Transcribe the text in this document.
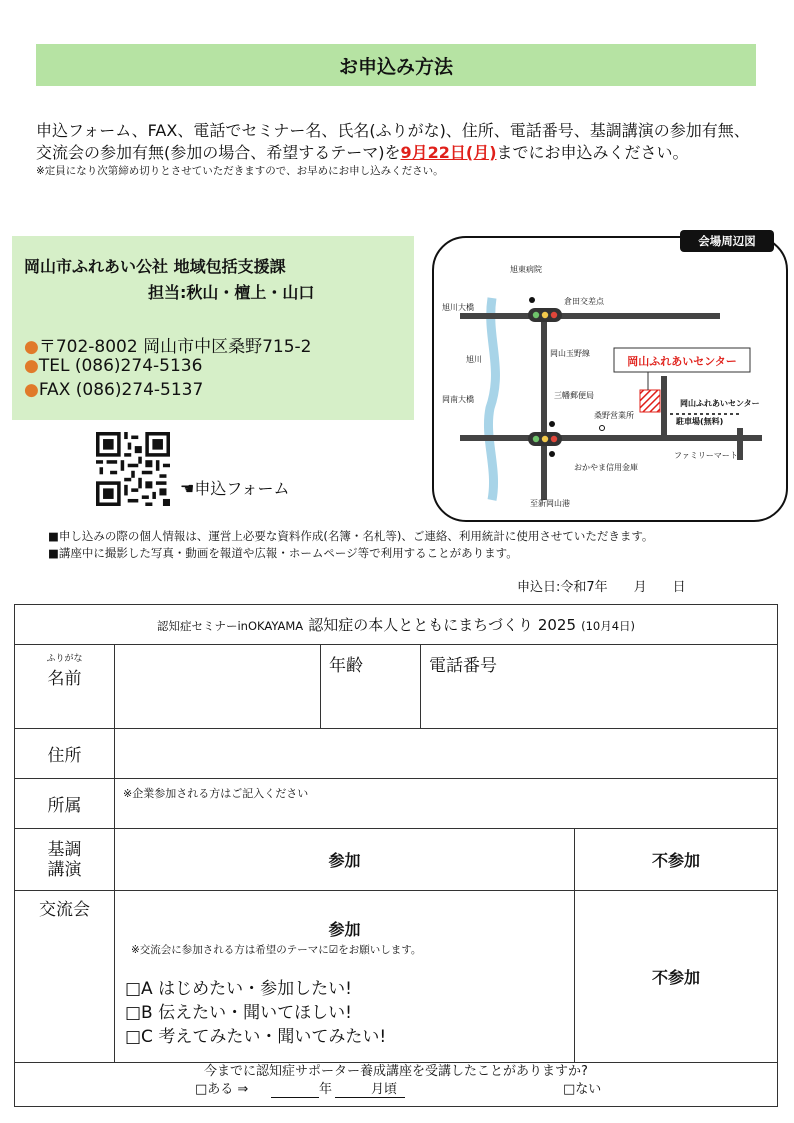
お申込み方法
申込フォーム、FAX、電話でセミナー名、氏名(ふりがな)、住所、電話番号、基調講演の参加有無、交流会の参加有無(参加の場合、希望するテーマ)を9月22日(月)までにお申込みください。
※定員になり次第締め切りとさせていただきますので、お早めにお申し込みください。
岡山市ふれあい公社 地域包括支援課
担当:秋山・檀上・山口
●〒702-8002 岡山市中区桑野715-2
●TEL (086)274-5136
●FAX (086)274-5137
☚申込フォーム
岡山ふれあいセンター
旭東病院
倉田交差点
旭川大橋
旭川
岡山玉野線
岡南大橋	三幡郵便局
桑野営業所
岡山ふれあいセンター
駐車場(無料)
おかやま信用金庫
ファミリーマート
至新岡山港
会場周辺図
■申し込みの際の個人情報は、運営上必要な資料作成(名簿・名札等)、ご連絡、利用統計に使用させていただきます。
■講座中に撮影した写真・動画を報道や広報・ホームページ等で利用することがあります。
申込日:令和7年　　月　　日
認知症セミナーinOKAYAMA 認知症の本人とともにまちづくり 2025 (10月4日)				

ふりがな
名前		年齢	電話番号	
住所				
所属	※企業参加される方はご記入ください			

基調
講演	参加			不参加
交流会	参加
※交流会に参加される方は希望のテーマに☑をお願いします。
□A はじめたい・参加したい!
□B 伝えたい・聞いてほしい!
□C 考えてみたい・聞いてみたい!			不参加

今までに認知症サポーター養成講座を受講したことがありますか?
□ある ⇒ 年 月頃 □ない				
